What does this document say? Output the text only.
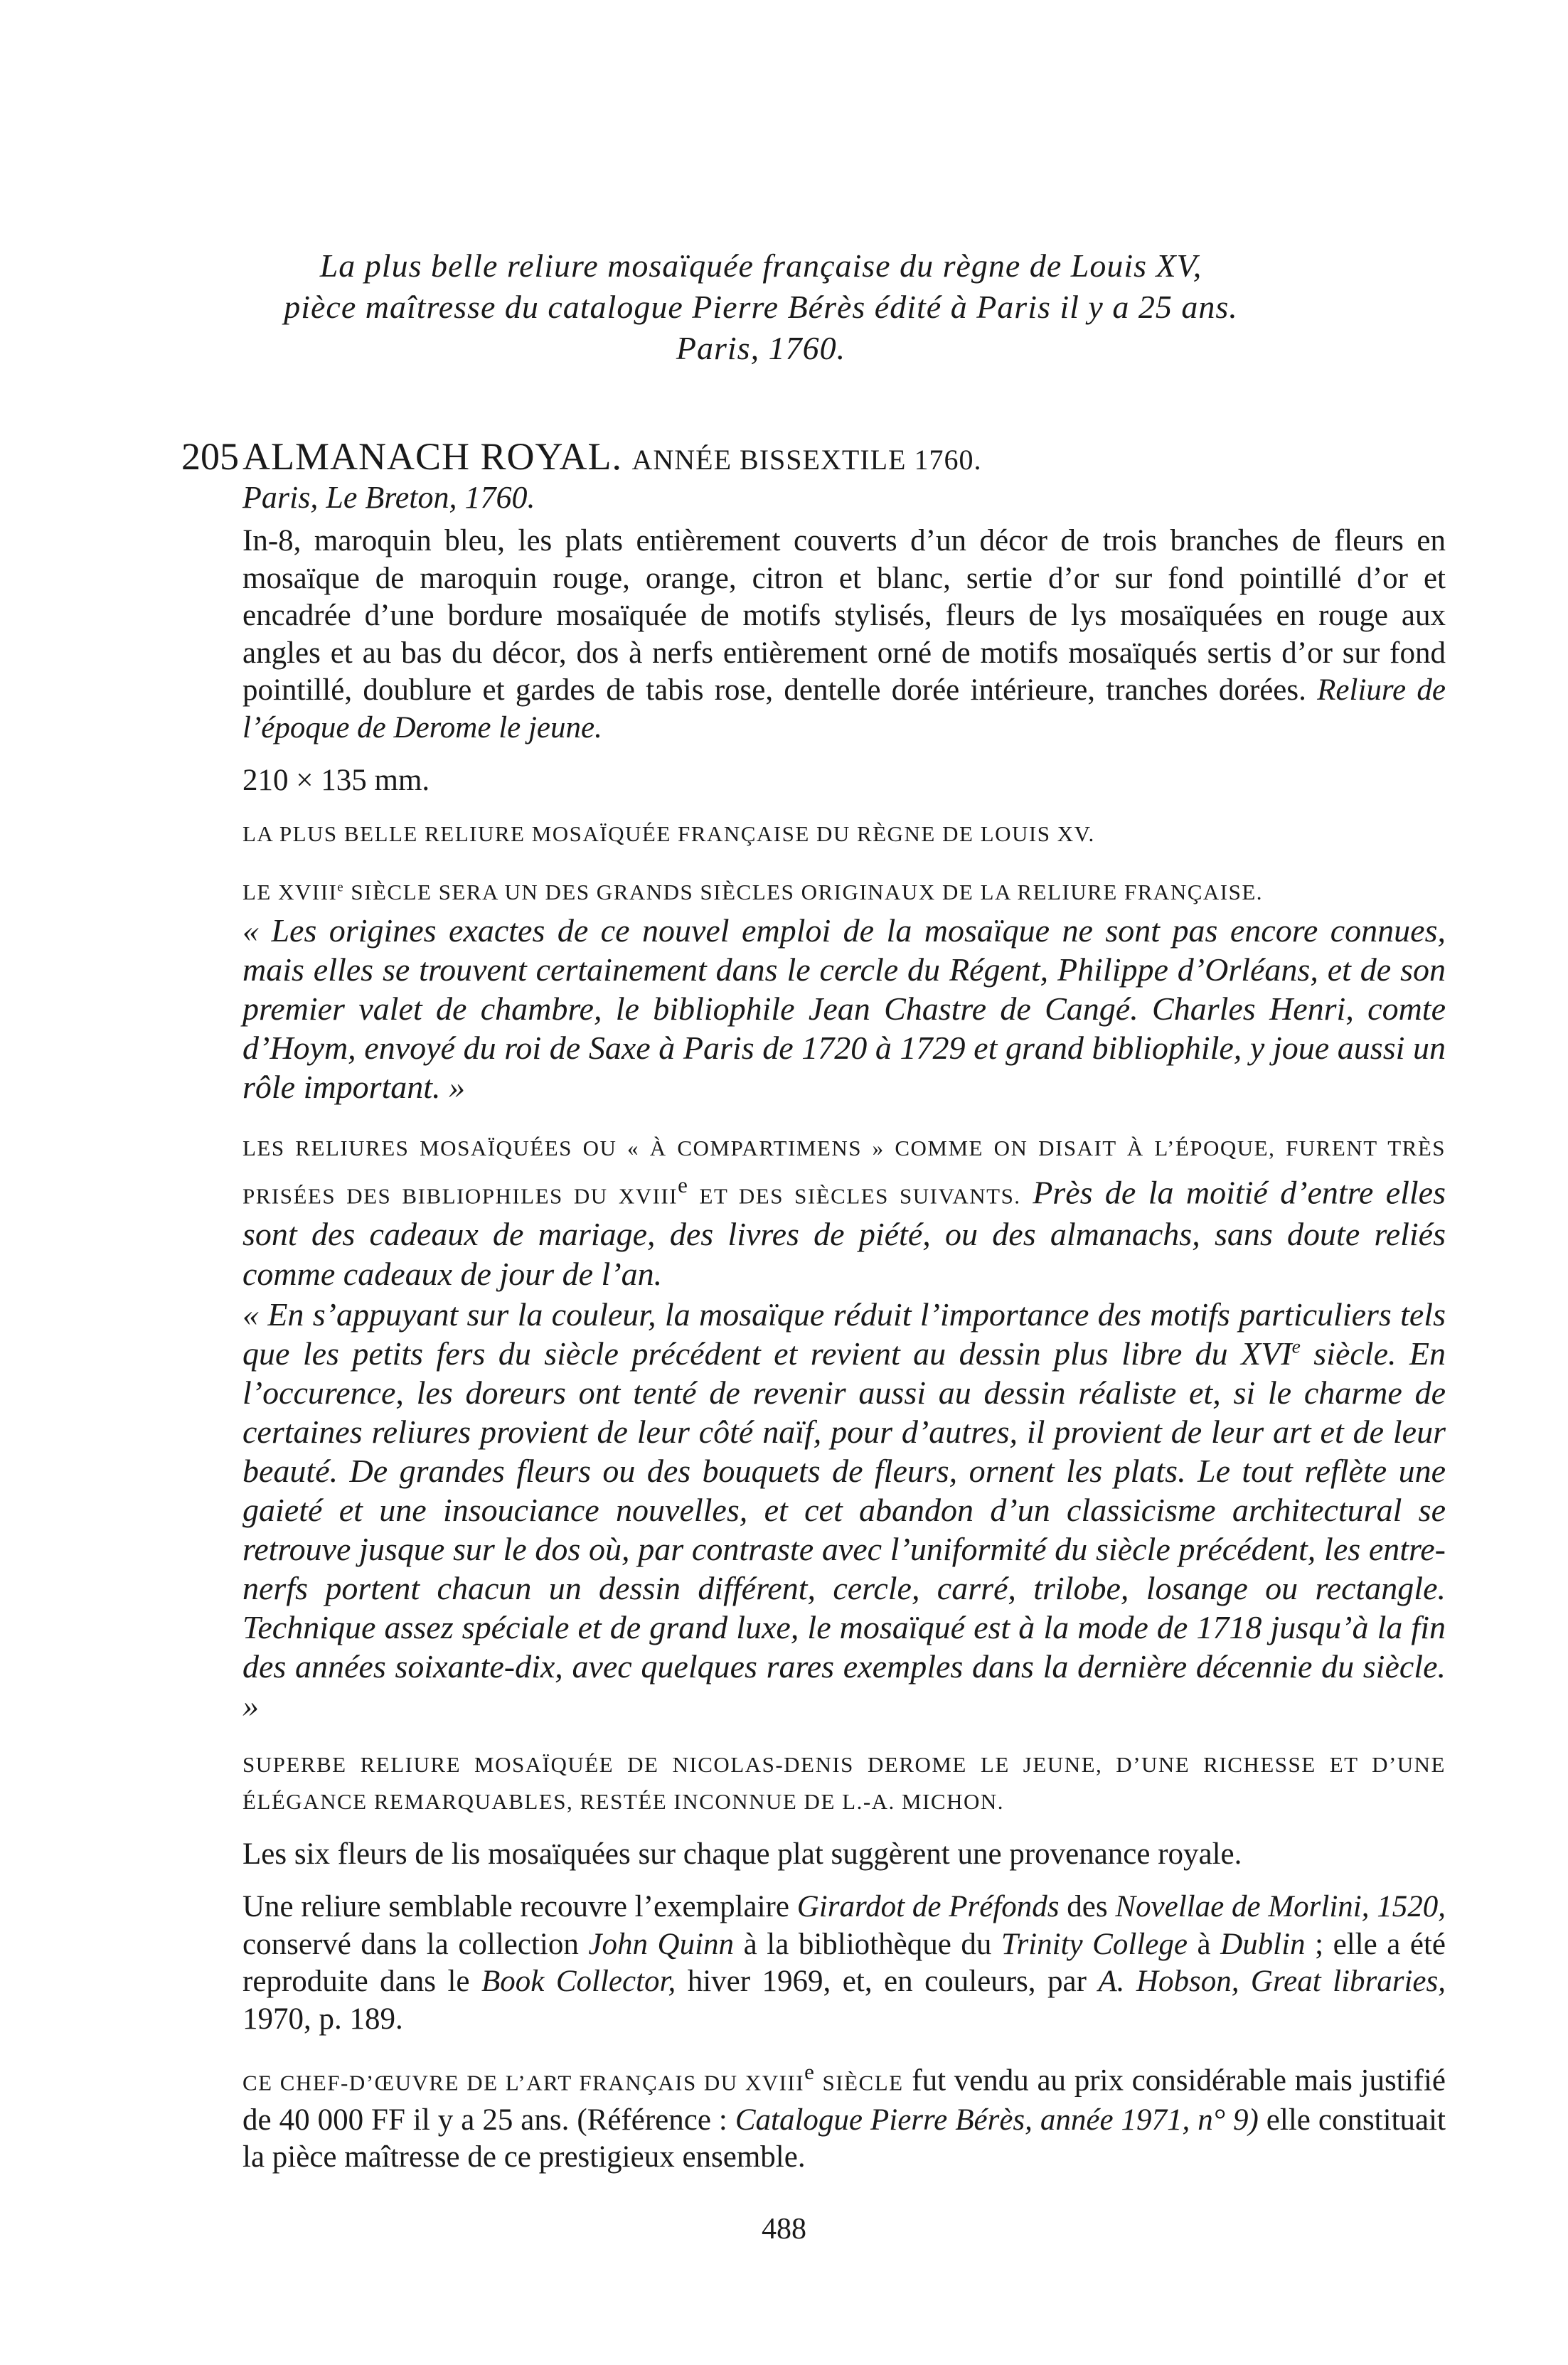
La plus belle reliure mosaïquée française du règne de Louis XV,
pièce maîtresse du catalogue Pierre Bérès édité à Paris il y a 25 ans.
Paris, 1760.
205 ALMANACH ROYAL. ANNÉE BISSEXTILE 1760.
Paris, Le Breton, 1760.

In-8, maroquin bleu, les plats entièrement couverts d’un décor de trois branches de fleurs en mosaïque de maroquin rouge, orange, citron et blanc, sertie d’or sur fond pointillé d’or et encadrée d’une bordure mosaïquée de motifs stylisés, fleurs de lys mosaïquées en rouge aux angles et au bas du décor, dos à nerfs entièrement orné de motifs mosaïqués sertis d’or sur fond pointillé, doublure et gardes de tabis rose, dentelle dorée intérieure, tranches dorées. Reliure de l’époque de Derome le jeune.

210 × 135 mm.

LA PLUS BELLE RELIURE MOSAÏQUÉE FRANÇAISE DU RÈGNE DE LOUIS XV.

LE XVIIIe SIÈCLE SERA UN DES GRANDS SIÈCLES ORIGINAUX DE LA RELIURE FRANÇAISE.

« Les origines exactes de ce nouvel emploi de la mosaïque ne sont pas encore connues, mais elles se trouvent certainement dans le cercle du Régent, Philippe d’Orléans, et de son premier valet de chambre, le bibliophile Jean Chastre de Cangé. Charles Henri, comte d’Hoym, envoyé du roi de Saxe à Paris de 1720 à 1729 et grand bibliophile, y joue aussi un rôle important. »

LES RELIURES MOSAÏQUÉES OU « À COMPARTIMENS » COMME ON DISAIT À L’ÉPOQUE, FURENT TRÈS PRISÉES DES BIBLIOPHILES DU XVIIIe ET DES SIÈCLES SUIVANTS. Près de la moitié d’entre elles sont des cadeaux de mariage, des livres de piété, ou des almanachs, sans doute reliés comme cadeaux de jour de l’an.

« En s’appuyant sur la couleur, la mosaïque réduit l’importance des motifs particuliers tels que les petits fers du siècle précédent et revient au dessin plus libre du XVIe siècle. En l’occurence, les doreurs ont tenté de revenir aussi au dessin réaliste et, si le charme de certaines reliures provient de leur côté naïf, pour d’autres, il provient de leur art et de leur beauté. De grandes fleurs ou des bouquets de fleurs, ornent les plats. Le tout reflète une gaieté et une insouciance nouvelles, et cet abandon d’un classicisme architectural se retrouve jusque sur le dos où, par contraste avec l’uniformité du siècle précédent, les entre-nerfs portent chacun un dessin différent, cercle, carré, trilobe, losange ou rectangle. Technique assez spéciale et de grand luxe, le mosaïqué est à la mode de 1718 jusqu’à la fin des années soixante-dix, avec quelques rares exemples dans la dernière décennie du siècle. »

SUPERBE RELIURE MOSAÏQUÉE DE NICOLAS-DENIS DEROME LE JEUNE, D’UNE RICHESSE ET D’UNE ÉLÉGANCE REMARQUABLES, RESTÉE INCONNUE DE L.-A. MICHON.

Les six fleurs de lis mosaïquées sur chaque plat suggèrent une provenance royale.

Une reliure semblable recouvre l’exemplaire Girardot de Préfonds des Novellae de Morlini, 1520, conservé dans la collection John Quinn à la bibliothèque du Trinity College à Dublin ; elle a été reproduite dans le Book Collector, hiver 1969, et, en couleurs, par A. Hobson, Great libraries, 1970, p. 189.

CE CHEF-D’ŒUVRE DE L’ART FRANÇAIS DU XVIIIe SIÈCLE fut vendu au prix considérable mais justifié de 40 000 FF il y a 25 ans. (Référence : Catalogue Pierre Bérès, année 1971, n° 9) elle constituait la pièce maîtresse de ce prestigieux ensemble.

488
